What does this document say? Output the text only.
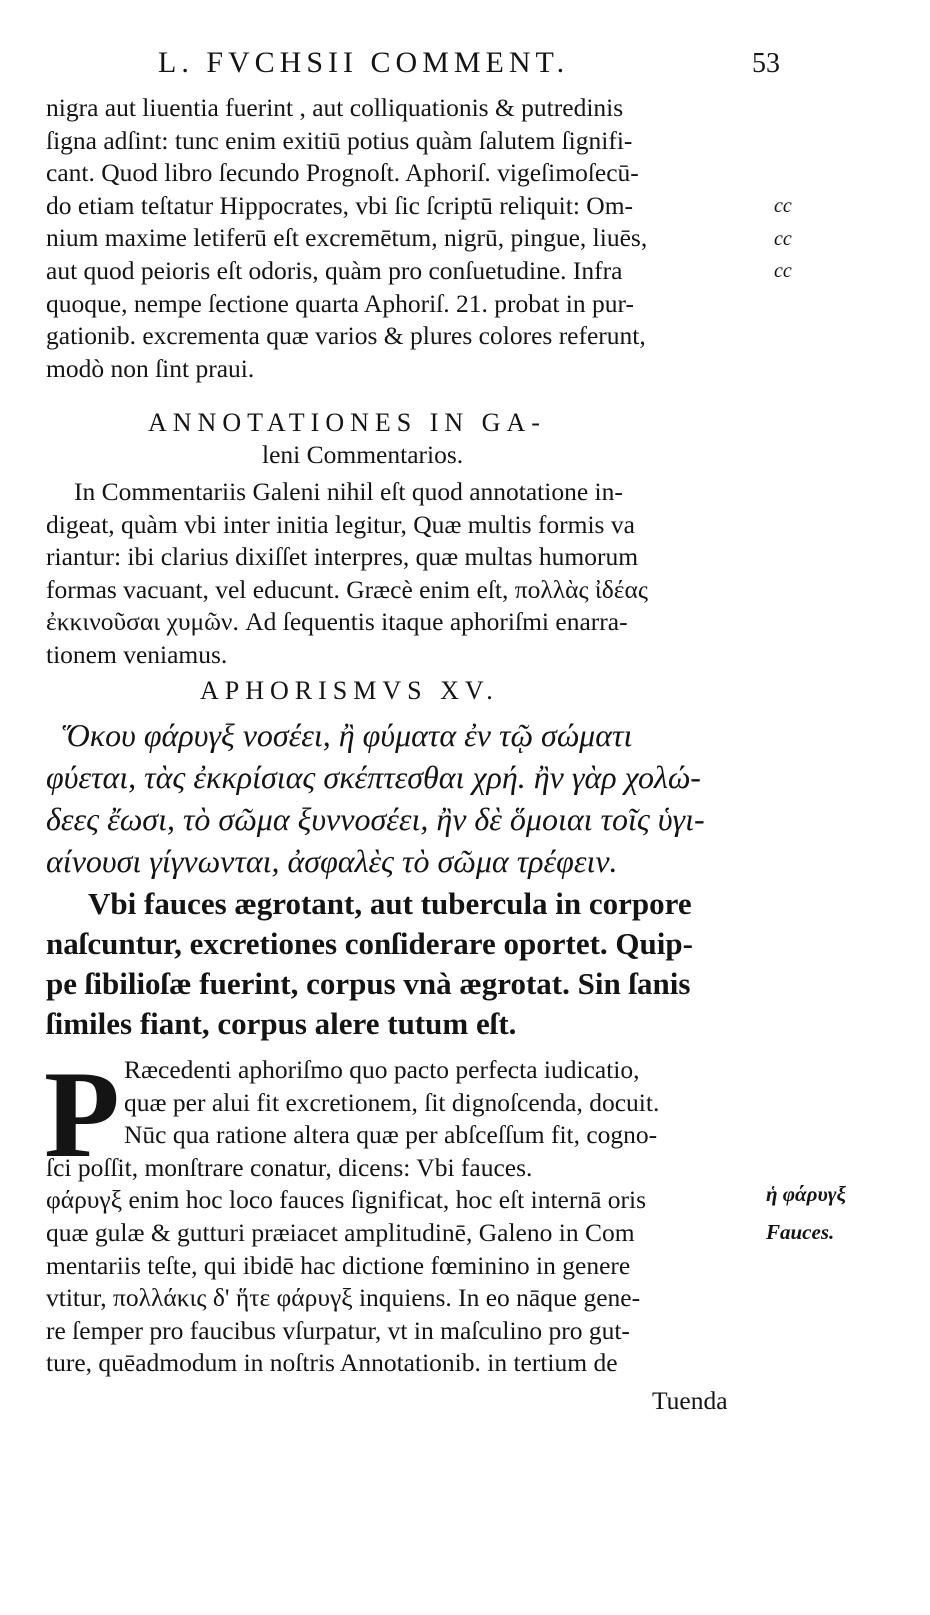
L. FVCHSII COMMENT.	53
nigra aut liuentia fuerint , aut colliquationis & putredinis
ſigna adſint: tunc enim exitiū potius quàm ſalutem ſignifi-
cant. Quod libro ſecundo Prognoſt. Aphoriſ. vigeſimoſecū-
do etiam teſtatur Hippocrates, vbi ſic ſcriptū reliquit: Om-
nium maxime letiferū eſt excremētum, nigrū, pingue, liuēs,
aut quod peioris eſt odoris, quàm pro conſuetudine. Infra
quoque, nempe ſectione quarta Aphoriſ. 21. probat in pur-
gationib. excrementa quæ varios & plures colores referunt,
modò non ſint praui.
cc
cc
cc
ANNOTATIONES IN GA-
leni Commentarios.
In Commentariis Galeni nihil eſt quod annotatione in-
digeat, quàm vbi inter initia legitur, Quæ multis formis va
riantur: ibi clarius dixiſſet interpres, quæ multas humorum
formas vacuant, vel educunt. Græcè enim eſt, πολλὰς ἰδέας
ἐκκινοῦσαι χυμῶν. Ad ſequentis itaque aphoriſmi enarra-
tionem veniamus.
APHORISMVS XV.
Ὅκου φάρυγξ νοσέει, ἢ φύματα ἐν τῷ σώματι
φύεται, τὰς ἐκκρίσιας σκέπτεσθαι χρή. ἢν γὰρ χολώ-
δεες ἔωσι, τὸ σῶμα ξυννοσέει, ἢν δὲ ὅμοιαι τοῖς ὑγι-
αίνουσι γίγνωνται, ἀσφαλὲς τὸ σῶμα τρέφειν.
Vbi fauces ægrotant, aut tubercula in corpore
naſcuntur, excretiones conſiderare oportet. Quip-
pe ſibilioſæ fuerint, corpus vnà ægrotat. Sin ſanis
ſimiles fiant, corpus alere tutum eſt.
P Ræcedenti aphoriſmo quo pacto perfecta iudicatio,
quæ per alui fit excretionem, ſit dignoſcenda, docuit.
Nūc qua ratione altera quæ per abſceſſum fit, cogno-
ſci poſſit, monſtrare conatur, dicens: Vbi fauces.
φάρυγξ enim hoc loco fauces ſignificat, hoc eſt internā oris
quæ gulæ & gutturi præiacet amplitudinē, Galeno in Com
mentariis teſte, qui ibidē hac dictione fœminino in genere
vtitur, πολλάκις δ' ἥτε φάρυγξ inquiens. In eo nāque gene-
re ſemper pro faucibus vſurpatur, vt in maſculino pro gut-
ture, quēadmodum in noſtris Annotationib. in tertium de
ἡ φάρυγξ
Fauces.
Tuenda
